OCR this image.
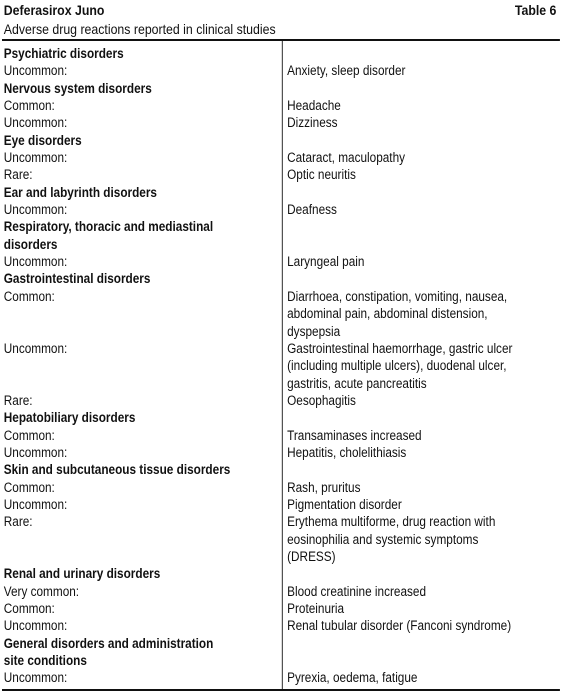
Deferasirox Juno	Table 6
Adverse drug reactions reported in clinical studies
Psychiatric disorders
Uncommon:	Anxiety, sleep disorder
Nervous system disorders
Common:	Headache
Uncommon:	Dizziness
Eye disorders
Uncommon:	Cataract, maculopathy
Rare:	Optic neuritis
Ear and labyrinth disorders
Uncommon:	Deafness
Respiratory, thoracic and mediastinal
disorders
Uncommon:	Laryngeal pain
Gastrointestinal disorders
Common:	Diarrhoea, constipation, vomiting, nausea,
abdominal pain, abdominal distension,
dyspepsia
Uncommon:	Gastrointestinal haemorrhage, gastric ulcer
(including multiple ulcers), duodenal ulcer,
gastritis, acute pancreatitis
Rare:	Oesophagitis
Hepatobiliary disorders
Common:	Transaminases increased
Uncommon:	Hepatitis, cholelithiasis
Skin and subcutaneous tissue disorders
Common:	Rash, pruritus
Uncommon:	Pigmentation disorder
Rare:	Erythema multiforme, drug reaction with
eosinophilia and systemic symptoms
(DRESS)
Renal and urinary disorders
Very common:	Blood creatinine increased
Common:	Proteinuria
Uncommon:	Renal tubular disorder (Fanconi syndrome)
General disorders and administration
site conditions
Uncommon:	Pyrexia, oedema, fatigue
